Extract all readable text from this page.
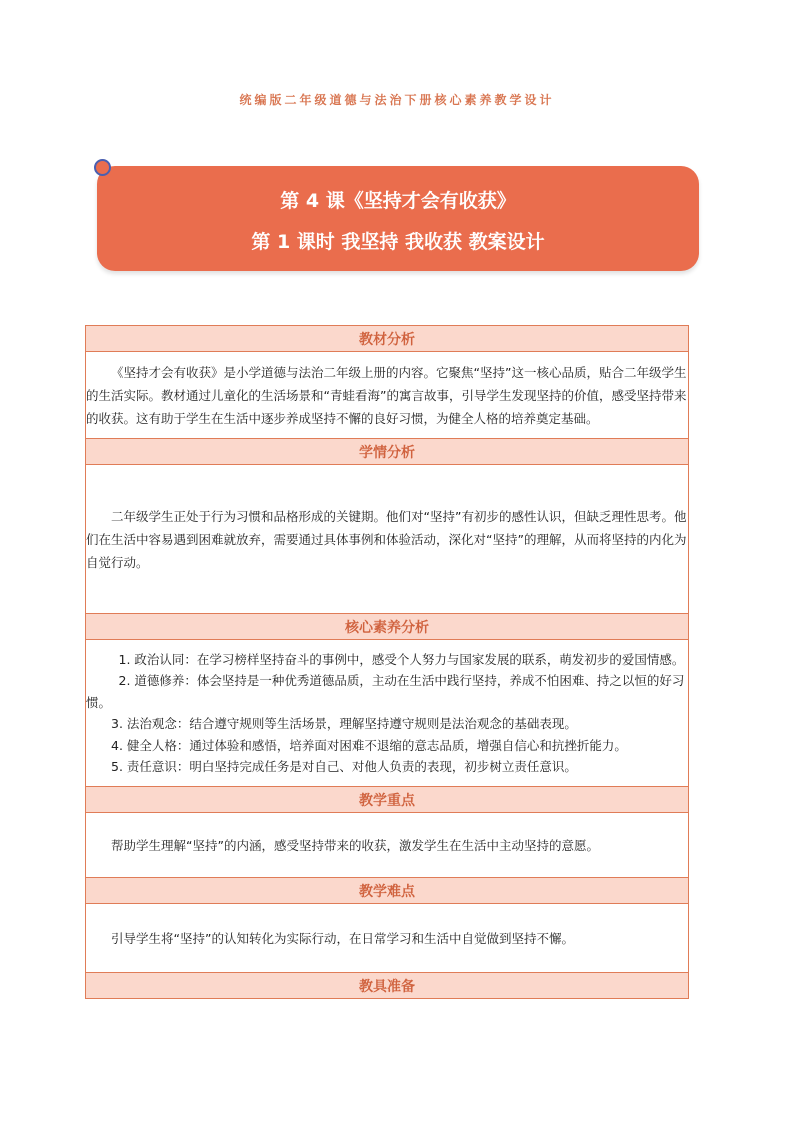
统编版二年级道德与法治下册核心素养教学设计
第 4 课《坚持才会有收获》
第 1 课时 我坚持 我收获 教案设计
教材分析

《坚持才会有收获》是小学道德与法治二年级上册的内容。它聚焦“坚持”这一核心品质，贴合二年级学生的生活实际。教材通过儿童化的生活场景和“青蛙看海”的寓言故事，引导学生发现坚持的价值，感受坚持带来的收获。这有助于学生在生活中逐步养成坚持不懈的良好习惯，为健全人格的培养奠定基础。

学情分析

二年级学生正处于行为习惯和品格形成的关键期。他们对“坚持”有初步的感性认识，但缺乏理性思考。他们在生活中容易遇到困难就放弃，需要通过具体事例和体验活动，深化对“坚持”的理解，从而将坚持的内化为自觉行动。

核心素养分析

1. 政治认同：在学习榜样坚持奋斗的事例中，感受个人努力与国家发展的联系，萌发初步的爱国情感。

2. 道德修养：体会坚持是一种优秀道德品质，主动在生活中践行坚持，养成不怕困难、持之以恒的好习惯。

3. 法治观念：结合遵守规则等生活场景，理解坚持遵守规则是法治观念的基础表现。

4. 健全人格：通过体验和感悟，培养面对困难不退缩的意志品质，增强自信心和抗挫折能力。

5. 责任意识：明白坚持完成任务是对自己、对他人负责的表现，初步树立责任意识。

教学重点

帮助学生理解“坚持”的内涵，感受坚持带来的收获，激发学生在生活中主动坚持的意愿。

教学难点

引导学生将“坚持”的认知转化为实际行动，在日常学习和生活中自觉做到坚持不懈。

教具准备
